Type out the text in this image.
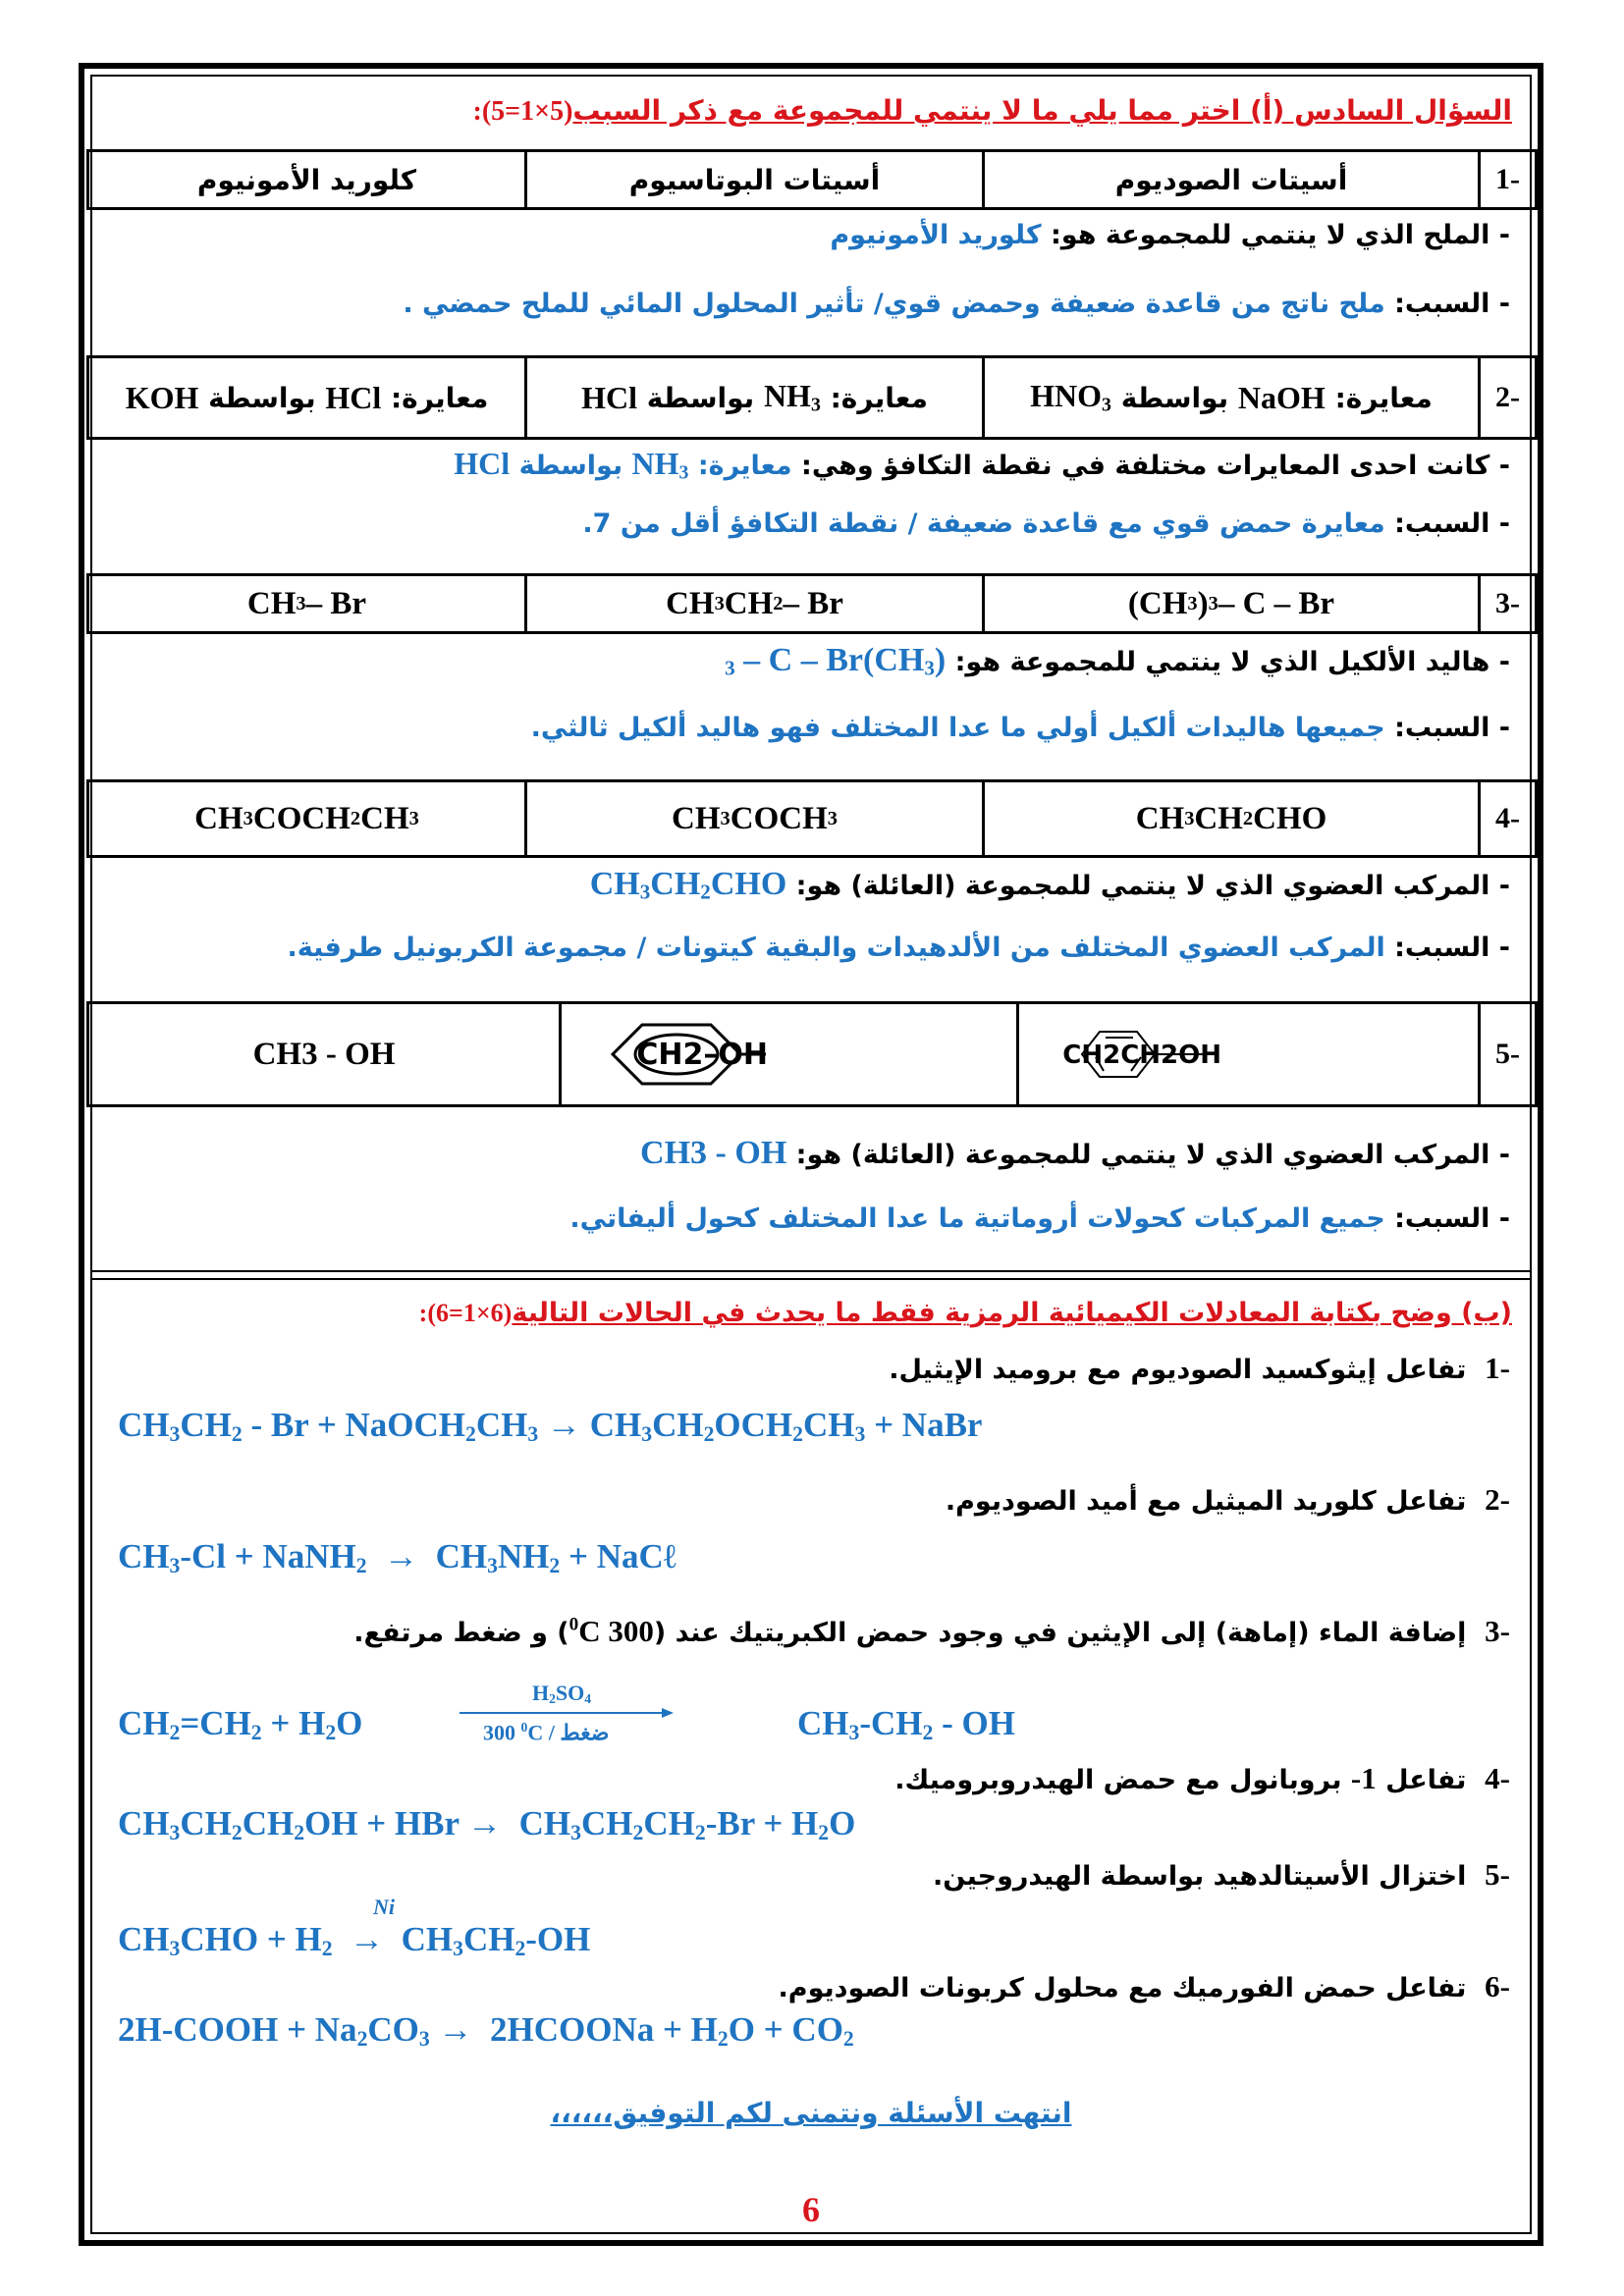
السؤال السادس (أ) اختر مما يلي ما لا ينتمي للمجموعة مع ذكر السبب(5×1=5):
-1
أسيتات الصوديوم
أسيتات البوتاسيوم
كلوريد الأمونيوم
- الملح الذي لا ينتمي للمجموعة هو: كلوريد الأمونيوم
- السبب: ملح ناتج من قاعدة ضعيفة وحمض قوي/ تأثير المحلول المائي للملح حمضي .
-2
معايرة:

NaOH

بواسطة

$HNO_3$
معايرة:

$NH_3$

بواسطة

HCl
معايرة:

HCl

بواسطة

KOH
- كانت احدى المعايرات مختلفة في نقطة التكافؤ وهي: معايرة: $NH_3$ بواسطة HCl
- السبب: معايرة حمض قوي مع قاعدة ضعيفة / نقطة التكافؤ أقل من 7.
-3
(CH 3 ) 3 – C – Br
CH 3 CH 2 – Br
CH 3 – Br
- هاليد الألكيل الذي لا ينتمي للمجموعة هو: $(CH_3)_3$ – C – Br
- السبب: جميعها هاليدات ألكيل أولي ما عدا المختلف فهو هاليد ألكيل ثالثي.
-4
CH 3 CH 2 CHO
CH 3 COCH 3
CH 3 COCH 2 CH 3
- المركب العضوي الذي لا ينتمي للمجموعة (العائلة) هو: $CH_3CH_2CHO$
- السبب: المركب العضوي المختلف من الألدهيدات والبقية كيتونات / مجموعة الكربونيل طرفية.
-5
CH2CH2OH
CH2–OH
CH3 - OH
- المركب العضوي الذي لا ينتمي للمجموعة (العائلة) هو: CH3 - OH
- السبب: جميع المركبات كحولات أروماتية ما عدا المختلف كحول أليفاتي.
(ب) وضح بكتابة المعادلات الكيميائية الرمزية فقط ما يحدث في الحالات التالية(6×1=6):
-1  تفاعل إيثوكسيد الصوديوم مع بروميد الإيثيل.
$CH_3CH_2$ - $Br + NaOCH_2CH_3 \to CH_3CH_2OCH_2CH_3$ + NaBr
-2  تفاعل كلوريد الميثيل مع أميد الصوديوم.
$CH_3-Cl$ + NaNH$_2$  →  $CH_3NH_2$ + NaCℓ
-3  إضافة الماء (إماهة) إلى الإيثين في وجود حمض الكبريتيك عند (300 $^0$C) و ضغط مرتفع.
$CH_2=CH_2 + H_2O$
$H_2SO_4$
300 $^0$C / ضغط	$CH_3-CH_2$ - OH
-4  تفاعل 1- بروبانول مع حمض الهيدروبروميك.
$CH_3CH_2CH_2OH$ + HBr →  $CH_3CH_2CH_2-Br + H_2O$
-5  اختزال الأسيتالدهيد بواسطة الهيدروجين.
Ni
$CH_3CHO + H_2 \to CH_3CH_2-OH$
-6  تفاعل حمض الفورميك مع محلول كربونات الصوديوم.
2H-COOH + $Na_2CO_3$ →  2HCOONa + $H_2O + CO_2$
انتهت الأسئلة ونتمنى لكم التوفيق،،،،،،
6
